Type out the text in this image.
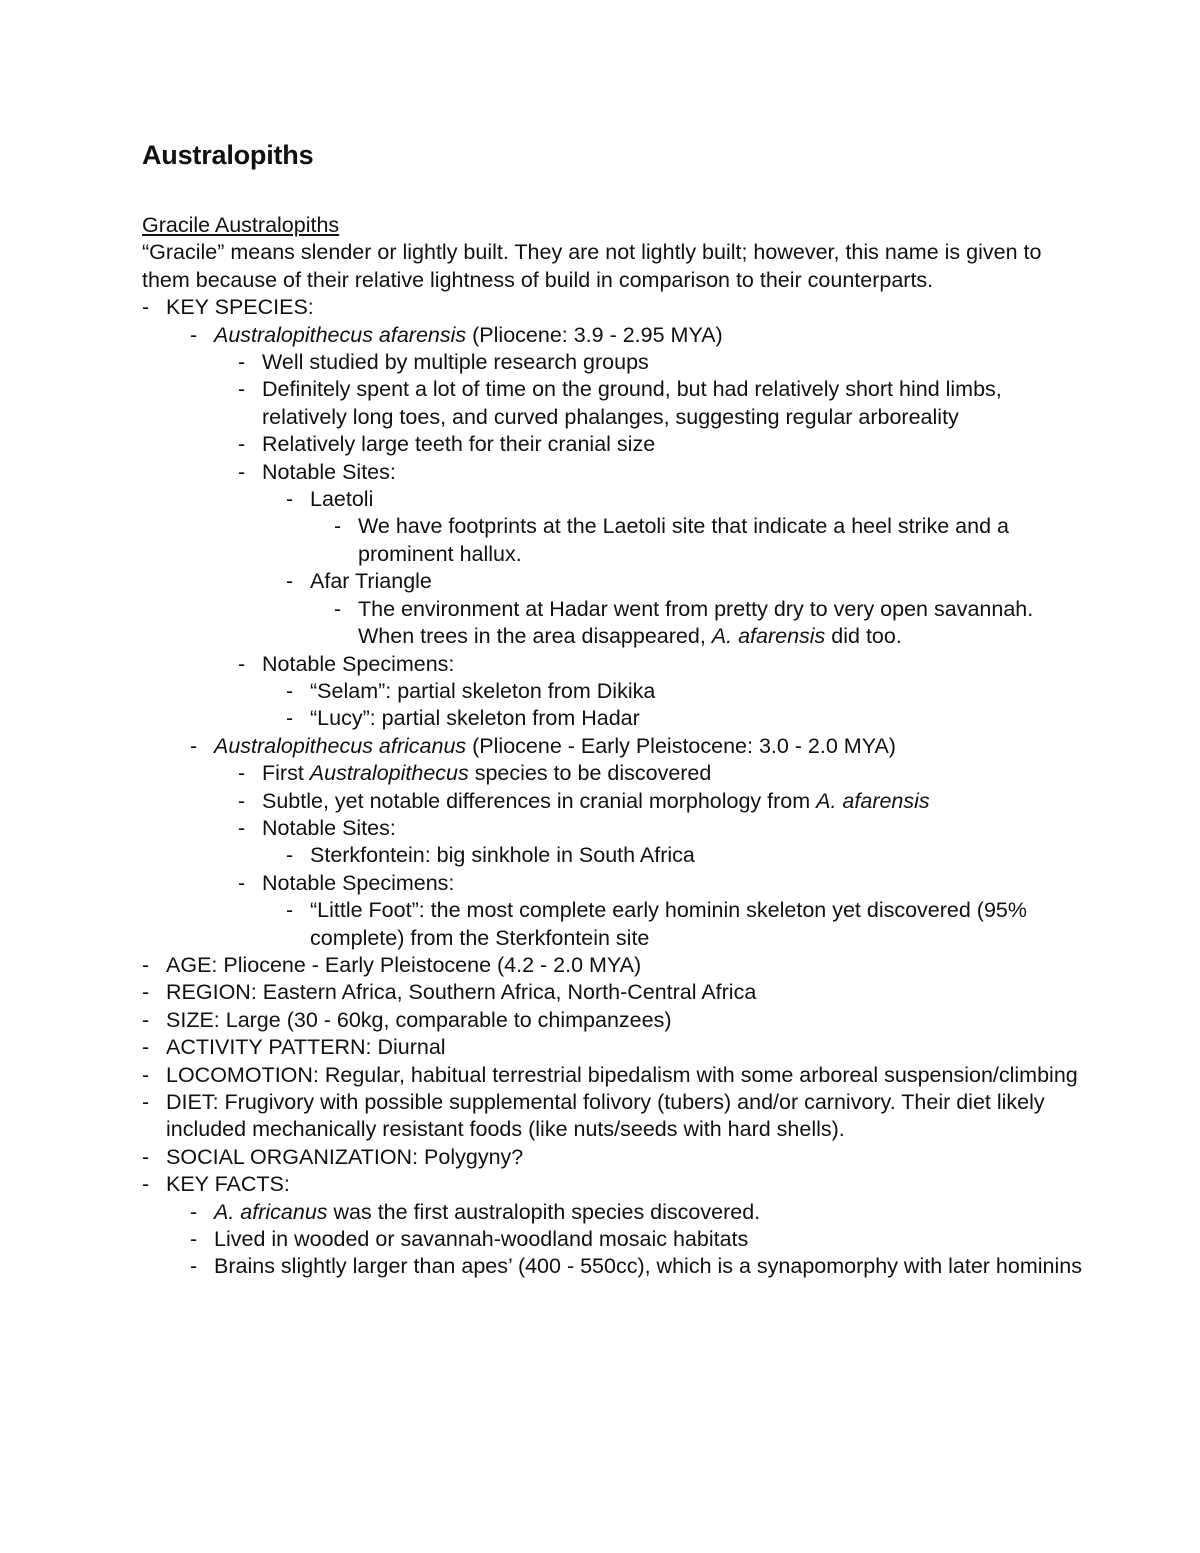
Australopiths
Gracile Australopiths

“Gracile” means slender or lightly built. They are not lightly built; however, this name is given to them because of their relative lightness of build in comparison to their counterparts.

-
KEY SPECIES:
-
Australopithecus afarensis (Pliocene: 3.9 - 2.95 MYA)
-
Well studied by multiple research groups
-
Definitely spent a lot of time on the ground, but had relatively short hind limbs, relatively long toes, and curved phalanges, suggesting regular arboreality
-
Relatively large teeth for their cranial size
-
Notable Sites:
-
Laetoli
-
We have footprints at the Laetoli site that indicate a heel strike and a prominent hallux.
-
Afar Triangle
-
The environment at Hadar went from pretty dry to very open savannah. When trees in the area disappeared, A. afarensis did too.
-
Notable Specimens:
-
“Selam”: partial skeleton from Dikika
-
“Lucy”: partial skeleton from Hadar
-
Australopithecus africanus (Pliocene - Early Pleistocene: 3.0 - 2.0 MYA)
-
First Australopithecus species to be discovered
-
Subtle, yet notable differences in cranial morphology from A. afarensis
-
Notable Sites:
-
Sterkfontein: big sinkhole in South Africa
-
Notable Specimens:
-
“Little Foot”: the most complete early hominin skeleton yet discovered (95% complete) from the Sterkfontein site
-
AGE: Pliocene - Early Pleistocene (4.2 - 2.0 MYA)
-
REGION: Eastern Africa, Southern Africa, North-Central Africa
-
SIZE: Large (30 - 60kg, comparable to chimpanzees)
-
ACTIVITY PATTERN: Diurnal
-
LOCOMOTION: Regular, habitual terrestrial bipedalism with some arboreal suspension/climbing
-
DIET: Frugivory with possible supplemental folivory (tubers) and/or carnivory. Their diet likely included mechanically resistant foods (like nuts/seeds with hard shells).
-
SOCIAL ORGANIZATION: Polygyny?
-
KEY FACTS:
-
A. africanus was the first australopith species discovered.
-
Lived in wooded or savannah-woodland mosaic habitats
-
Brains slightly larger than apes’ (400 - 550cc), which is a synapomorphy with later hominins
